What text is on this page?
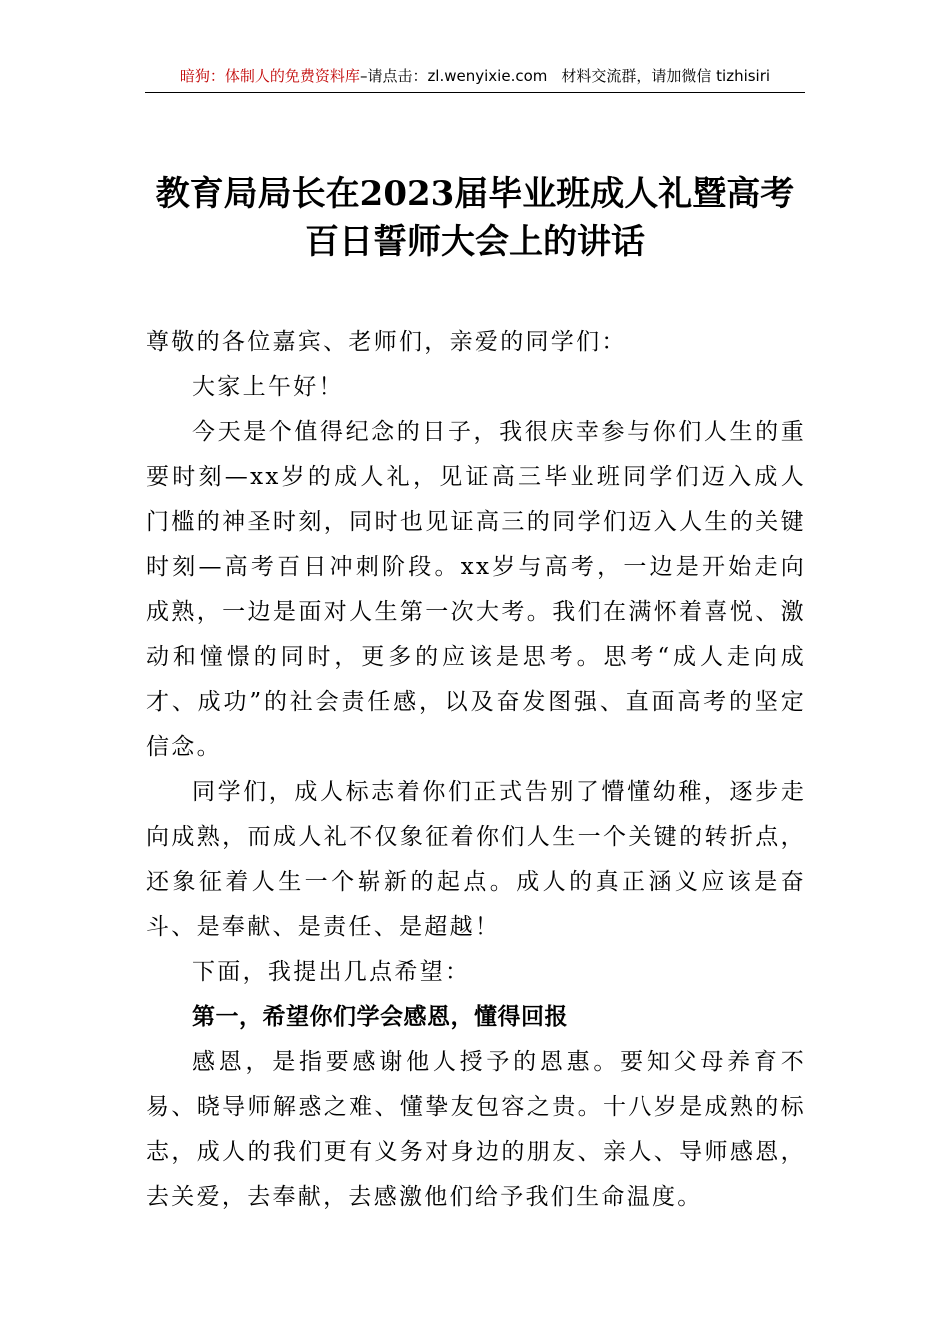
暗狗：体制人的免费资料库–请点击：zl.wenyixie.com 材料交流群，请加微信 tizhisiri
教育局局长在2023届毕业班成人礼暨高考
百日誓师大会上的讲话

尊敬的各位嘉宾、老师们，亲爱的同学们：

大家上午好！

今天是个值得纪念的日子，我很庆幸参与你们人生的重要时刻—xx岁的成人礼，见证高三毕业班同学们迈入成人门槛的神圣时刻，同时也见证高三的同学们迈入人生的关键时刻—高考百日冲刺阶段。xx岁与高考，一边是开始走向成熟，一边是面对人生第一次大考。我们在满怀着喜悦、激动和憧憬的同时，更多的应该是思考。思考“成人走向成才、成功”的社会责任感，以及奋发图强、直面高考的坚定信念。

同学们，成人标志着你们正式告别了懵懂幼稚，逐步走向成熟，而成人礼不仅象征着你们人生一个关键的转折点，还象征着人生一个崭新的起点。成人的真正涵义应该是奋斗、是奉献、是责任、是超越！

下面，我提出几点希望：

第一，希望你们学会感恩，懂得回报

感恩，是指要感谢他人授予的恩惠。要知父母养育不易、晓导师解惑之难、懂挚友包容之贵。十八岁是成熟的标志，成人的我们更有义务对身边的朋友、亲人、导师感恩，去关爱，去奉献，去感激他们给予我们生命温度。
